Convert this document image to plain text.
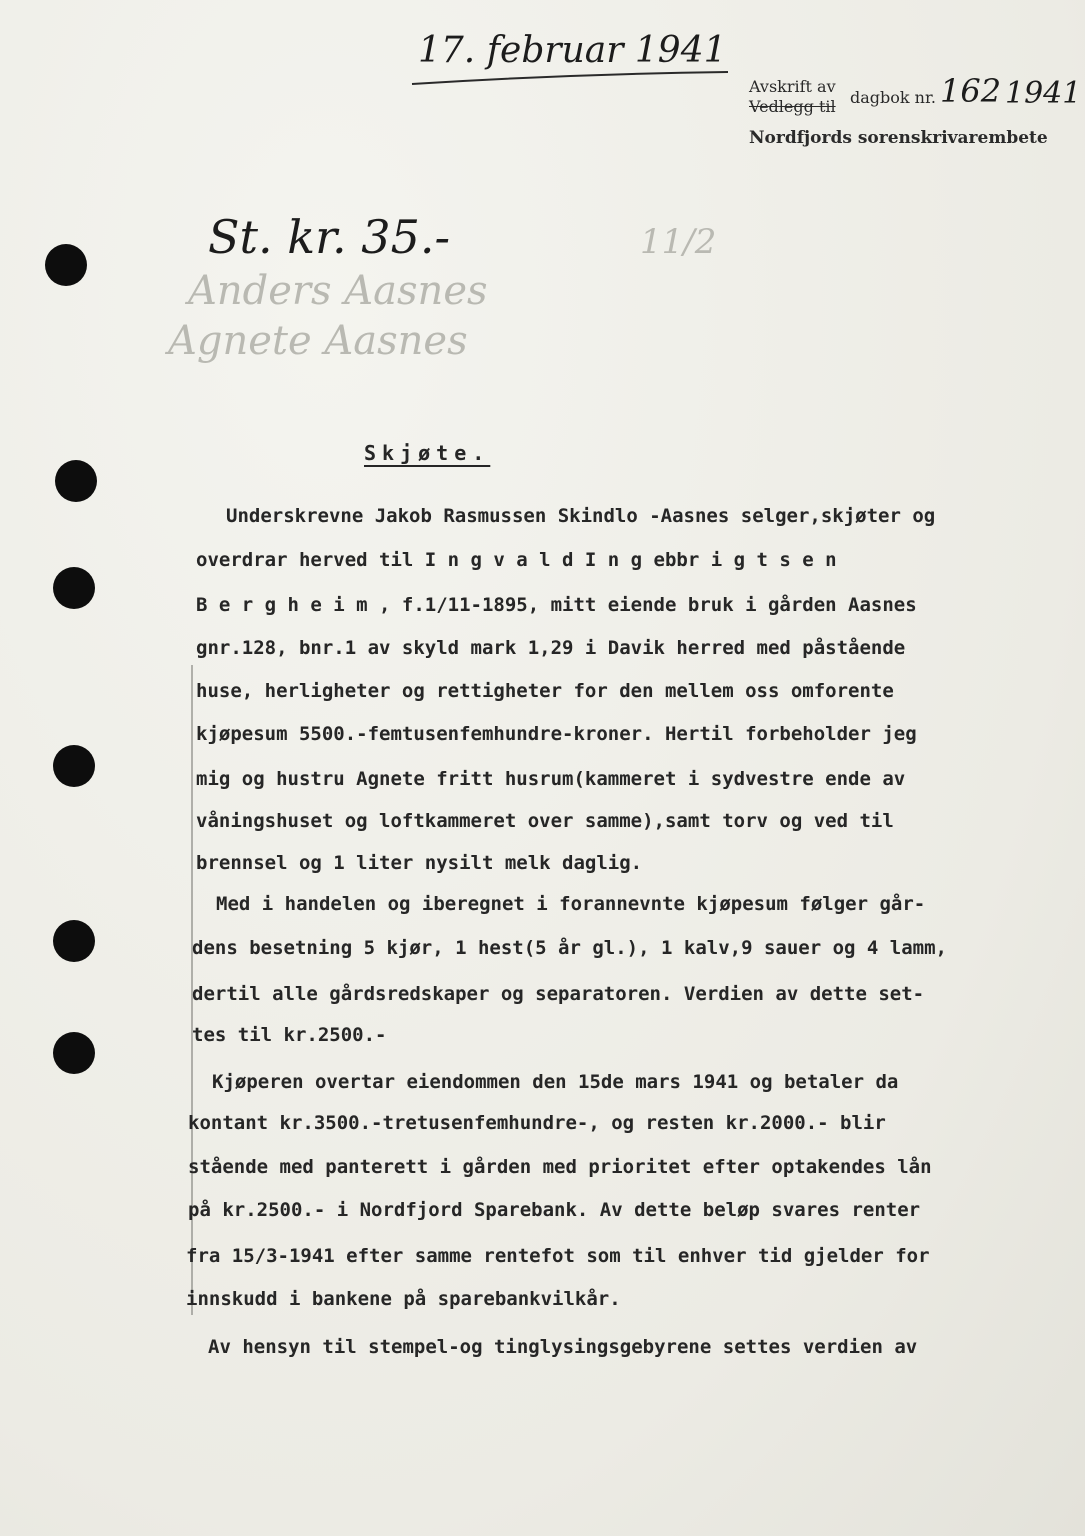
11/2
Anders Aasnes
Agnete Aasnes
17. februar 1941
Avskrift av
Vedlegg til dagbok nr. 162 1941
Nordfjords sorenskrivarembete
St. kr. 35.-
Skjøte.
Underskrevne Jakob Rasmussen Skindlo -Aasnes selger,skjøter og
overdrar herved til I n g v a l d I n g ebbr i g t s e n
B e r g h e i m , f.1/11-1895, mitt eiende bruk i gården Aasnes
gnr.128, bnr.1 av skyld mark 1,29 i Davik herred med påstående
huse, herligheter og rettigheter for den mellem oss omforente
kjøpesum 5500.-femtusenfemhundre-kroner. Hertil forbeholder jeg
mig og hustru Agnete fritt husrum(kammeret i sydvestre ende av
våningshuset og loftkammeret over samme),samt torv og ved til
brennsel og 1 liter nysilt melk daglig.
Med i handelen og iberegnet i forannevnte kjøpesum følger går-
dens besetning 5 kjør, 1 hest(5 år gl.), 1 kalv,9 sauer og 4 lamm,
dertil alle gårdsredskaper og separatoren. Verdien av dette set-
tes til kr.2500.-
Kjøperen overtar eiendommen den 15de mars 1941 og betaler da
kontant kr.3500.-tretusenfemhundre-, og resten kr.2000.- blir
stående med panterett i gården med prioritet efter optakendes lån
på kr.2500.- i Nordfjord Sparebank. Av dette beløp svares renter
fra 15/3-1941 efter samme rentefot som til enhver tid gjelder for
innskudd i bankene på sparebankvilkår.
Av hensyn til stempel-og tinglysingsgebyrene settes verdien av
